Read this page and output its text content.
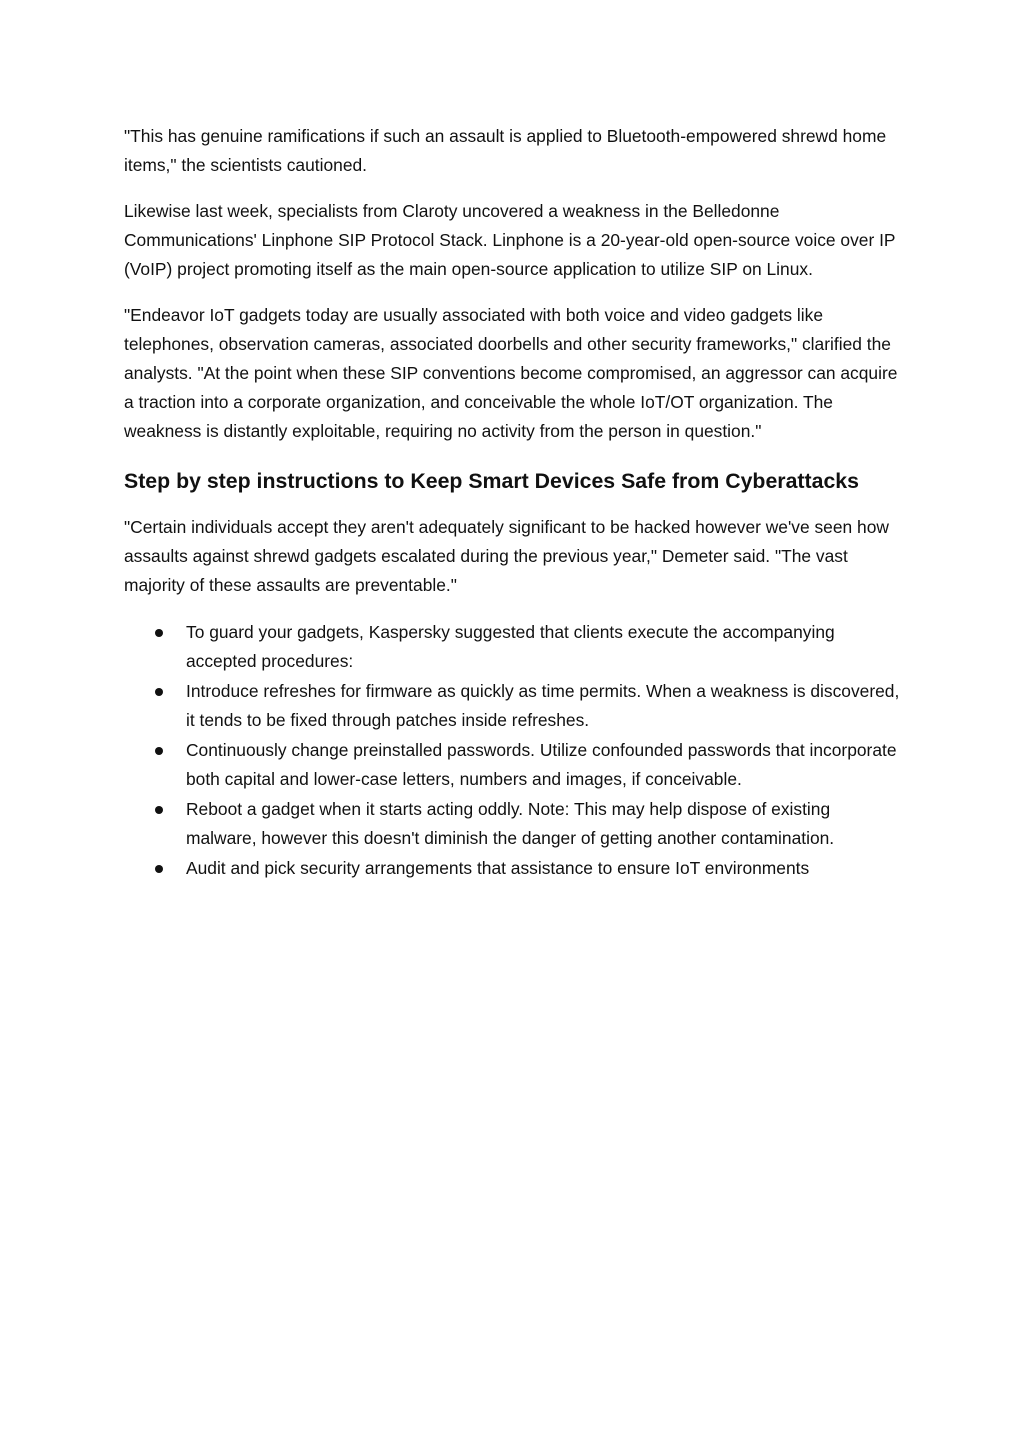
"This has genuine ramifications if such an assault is applied to Bluetooth-empowered shrewd home items," the scientists cautioned.

Likewise last week, specialists from Claroty uncovered a weakness in the Belledonne Communications' Linphone SIP Protocol Stack. Linphone is a 20-year-old open-source voice over IP (VoIP) project promoting itself as the main open-source application to utilize SIP on Linux.

"Endeavor IoT gadgets today are usually associated with both voice and video gadgets like telephones, observation cameras, associated doorbells and other security frameworks," clarified the analysts. "At the point when these SIP conventions become compromised, an aggressor can acquire a traction into a corporate organization, and conceivable the whole IoT/OT organization. The weakness is distantly exploitable, requiring no activity from the person in question."

Step by step instructions to Keep Smart Devices Safe from Cyberattacks

"Certain individuals accept they aren't adequately significant to be hacked however we've seen how assaults against shrewd gadgets escalated during the previous year," Demeter said. "The vast majority of these assaults are preventable."

To guard your gadgets, Kaspersky suggested that clients execute the accompanying accepted procedures:
Introduce refreshes for firmware as quickly as time permits. When a weakness is discovered, it tends to be fixed through patches inside refreshes.
Continuously change preinstalled passwords. Utilize confounded passwords that incorporate both capital and lower-case letters, numbers and images, if conceivable.
Reboot a gadget when it starts acting oddly. Note: This may help dispose of existing malware, however this doesn't diminish the danger of getting another contamination.
Audit and pick security arrangements that assistance to ensure IoT environments
